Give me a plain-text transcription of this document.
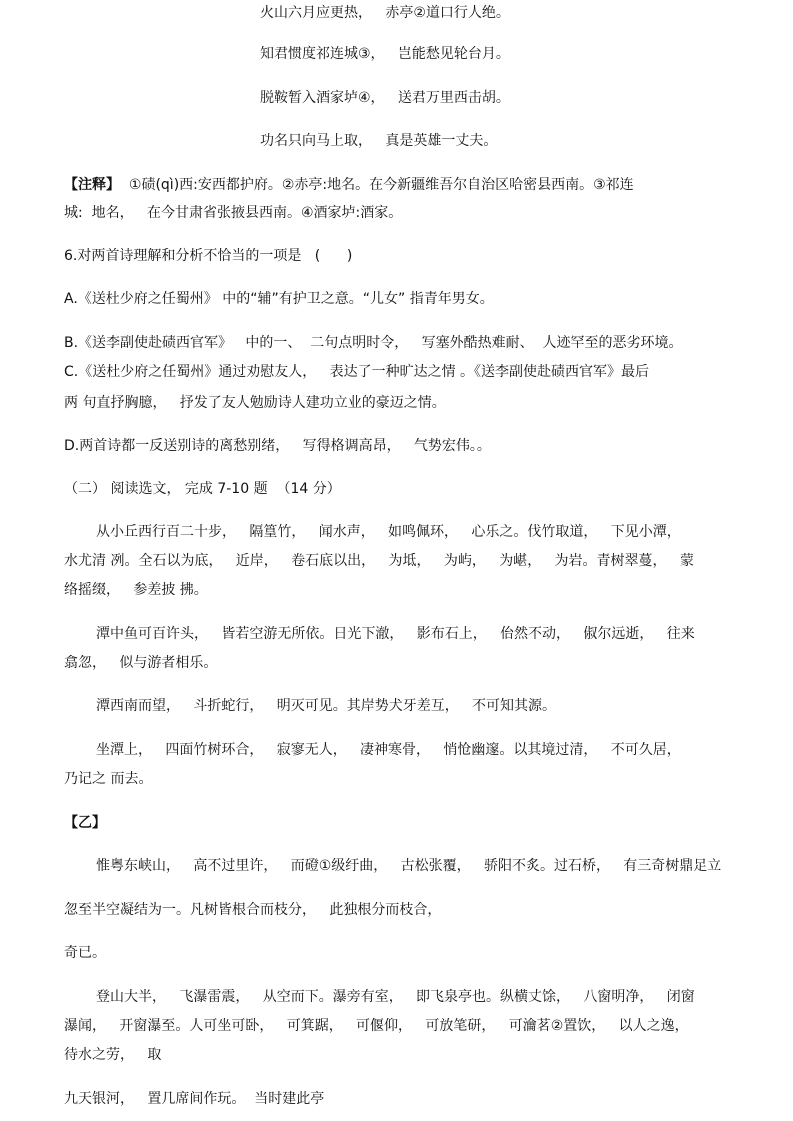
火山六月应更热，   赤亭②道口行人绝。

知君惯度祁连城③，   岂能愁见轮台月。

脱鞍暂入酒家垆④，   送君万里西击胡。

功名只向马上取，   真是英雄一丈夫。

【注释】  ①碛(qì)西:安西都护府。②赤亭:地名。在今新疆维吾尔自治区哈密县西南。③祁连

城:  地名，   在今甘肃省张掖县西南。④酒家垆:酒家。

6.对两首诗理解和分析不恰当的一项是   (      )

A.《送杜少府之任蜀州》 中的“辅”有护卫之意。“儿女” 指青年男女。

B.《送李副使赴碛西官军》   中的一、  二句点明时令，   写塞外酷热难耐、  人迹罕至的恶劣环境。

C.《送杜少府之任蜀州》通过劝慰友人，   表达了一种旷达之情 。《送李副使赴碛西官军》最后

两 句直抒胸臆，   抒发了友人勉励诗人建功立业的豪迈之情。

D.两首诗都一反送别诗的离愁别绪，   写得格调高昂，   气势宏伟。。

（二） 阅读选文， 完成 7-10 题  （14 分）

从小丘西行百二十步，   隔篁竹，   闻水声，   如鸣佩环，   心乐之。伐竹取道，   下见小潭，

水尤清 冽。全石以为底，   近岸，   卷石底以出，   为坻，   为屿，   为嵁，   为岩。青树翠蔓，   蒙

络摇缀，   参差披 拂。

潭中鱼可百许头，   皆若空游无所依。日光下澈，   影布石上，   佁然不动，   俶尔远逝，   往来

翕忽，   似与游者相乐。

潭西南而望，   斗折蛇行，   明灭可见。其岸势犬牙差互，   不可知其源。

坐潭上，   四面竹树环合，   寂寥无人，   凄神寒骨，   悄怆幽邃。以其境过清，   不可久居，

乃记之 而去。

【乙】

惟粤东峡山，   高不过里许，   而磴①级纡曲，   古松张覆，   骄阳不炙。过石桥，   有三奇树鼎足立

忽至半空凝结为一。凡树皆根合而枝分，   此独根分而枝合，

奇已。

登山大半，   飞瀑雷震，   从空而下。瀑旁有室，   即飞泉亭也。纵横丈馀，   八窗明净，   闭窗

瀑闻，   开窗瀑至。人可坐可卧，   可箕踞，   可偃仰，   可放笔研，   可瀹茗②置饮，   以人之逸，

待水之劳，   取

九天银河，   置几席间作玩。  当时建此亭
